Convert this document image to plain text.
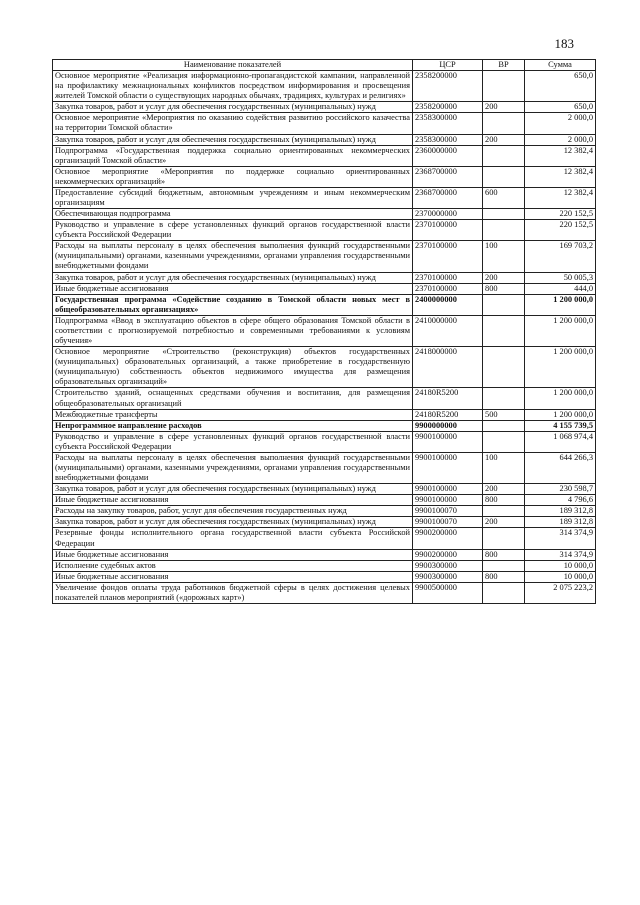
183
Наименование показателей	ЦСР	ВР	Сумма
Основное мероприятие «Реализация информационно-пропагандистской кампании, направленной на профилактику межнациональных конфликтов посредством информирования и просвещения жителей Томской области о существующих народных обычаях, традициях, культурах и религиях»	2358200000		650,0
Закупка товаров, работ и услуг для обеспечения государственных (муниципальных) нужд	2358200000	200	650,0
Основное мероприятие «Мероприятия по оказанию содействия развитию российского казачества на территории Томской области»	2358300000		2 000,0
Закупка товаров, работ и услуг для обеспечения государственных (муниципальных) нужд	2358300000	200	2 000,0
Подпрограмма «Государственная поддержка социально ориентированных некоммерческих организаций Томской области»	2360000000		12 382,4
Основное мероприятие «Мероприятия по поддержке социально ориентированных некоммерческих организаций»	2368700000		12 382,4
Предоставление субсидий бюджетным, автономным учреждениям и иным некоммерческим организациям	2368700000	600	12 382,4
Обеспечивающая подпрограмма	2370000000		220 152,5
Руководство и управление в сфере установленных функций органов государственной власти субъекта Российской Федерации	2370100000		220 152,5
Расходы на выплаты персоналу в целях обеспечения выполнения функций государственными (муниципальными) органами, казенными учреждениями, органами управления государственными внебюджетными фондами	2370100000	100	169 703,2
Закупка товаров, работ и услуг для обеспечения государственных (муниципальных) нужд	2370100000	200	50 005,3
Иные бюджетные ассигнования	2370100000	800	444,0
Государственная программа «Содействие созданию в Томской области новых мест в общеобразовательных организациях»	2400000000		1 200 000,0
Подпрограмма «Ввод в эксплуатацию объектов в сфере общего образования Томской области в соответствии с прогнозируемой потребностью и современными требованиями к условиям обучения»	2410000000		1 200 000,0
Основное мероприятие «Строительство (реконструкция) объектов государственных (муниципальных) образовательных организаций, а также приобретение в государственную (муниципальную) собственность объектов недвижимого имущества для размещения образовательных организаций»	2418000000		1 200 000,0
Строительство зданий, оснащенных средствами обучения и воспитания, для размещения общеобразовательных организаций	24180R5200		1 200 000,0
Межбюджетные трансферты	24180R5200	500	1 200 000,0
Непрограммное направление расходов	9900000000		4 155 739,5
Руководство и управление в сфере установленных функций органов государственной власти субъекта Российской Федерации	9900100000		1 068 974,4
Расходы на выплаты персоналу в целях обеспечения выполнения функций государственными (муниципальными) органами, казенными учреждениями, органами управления государственными внебюджетными фондами	9900100000	100	644 266,3
Закупка товаров, работ и услуг для обеспечения государственных (муниципальных) нужд	9900100000	200	230 598,7
Иные бюджетные ассигнования	9900100000	800	4 796,6
Расходы на закупку товаров, работ, услуг для обеспечения государственных нужд	9900100070		189 312,8
Закупка товаров, работ и услуг для обеспечения государственных (муниципальных) нужд	9900100070	200	189 312,8
Резервные фонды исполнительного органа государственной власти субъекта Российской Федерации	9900200000		314 374,9
Иные бюджетные ассигнования	9900200000	800	314 374,9
Исполнение судебных актов	9900300000		10 000,0
Иные бюджетные ассигнования	9900300000	800	10 000,0
Увеличение фондов оплаты труда работников бюджетной сферы в целях достижения целевых показателей планов мероприятий («дорожных карт»)	9900500000		2 075 223,2
